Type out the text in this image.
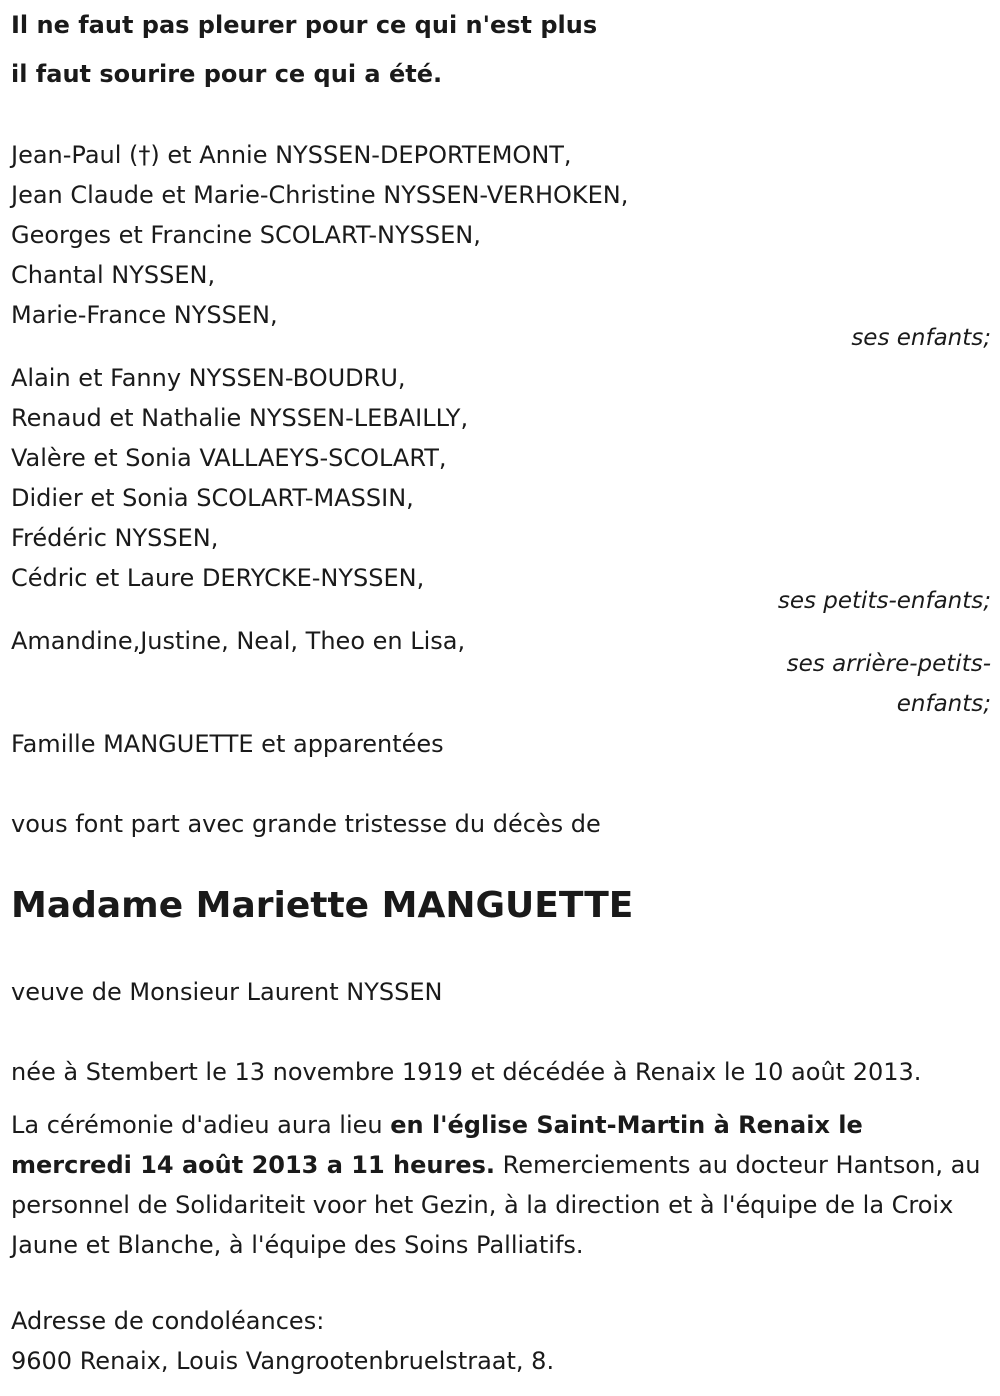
Il ne faut pas pleurer pour ce qui n'est plus

il faut sourire pour ce qui a été.

Jean-Paul (†) et Annie NYSSEN-DEPORTEMONT,

Jean Claude et Marie-Christine NYSSEN-VERHOKEN,

Georges et Francine SCOLART-NYSSEN,

Chantal NYSSEN,

Marie-France NYSSEN,

ses enfants;

Alain et Fanny NYSSEN-BOUDRU,

Renaud et Nathalie NYSSEN-LEBAILLY,

Valère et Sonia VALLAEYS-SCOLART,

Didier et Sonia SCOLART-MASSIN,

Frédéric NYSSEN,

Cédric et Laure DERYCKE-NYSSEN,

ses petits-enfants;

Amandine,Justine, Neal, Theo en Lisa,

ses arrière-petits-

enfants;

Famille MANGUETTE et apparentées

vous font part avec grande tristesse du décès de

Madame Mariette MANGUETTE

veuve de Monsieur Laurent NYSSEN

née à Stembert le 13 novembre 1919 et décédée à Renaix le 10 août 2013.

La cérémonie d'adieu aura lieu en l'église Saint-Martin à Renaix le mercredi 14 août 2013 a 11 heures. Remerciements au docteur Hantson, au personnel de Solidariteit voor het Gezin, à la direction et à l'équipe de la Croix Jaune et Blanche, à l'équipe des Soins Palliatifs.

Adresse de condoléances:

9600 Renaix, Louis Vangrootenbruelstraat, 8.
